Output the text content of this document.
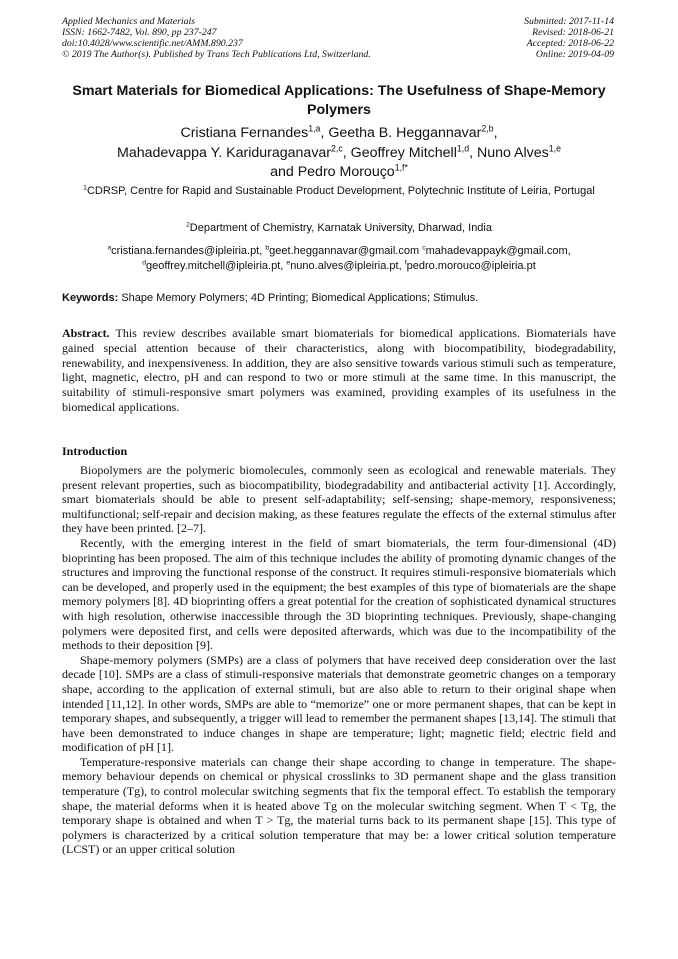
Applied Mechanics and Materials
ISSN: 1662-7482, Vol. 890, pp 237-247
doi:10.4028/www.scientific.net/AMM.890.237
© 2019 The Author(s). Published by Trans Tech Publications Ltd, Switzerland.
Submitted: 2017-11-14
Revised: 2018-06-21
Accepted: 2018-06-22
Online: 2019-04-09
Smart Materials for Biomedical Applications: The Usefulness of Shape-Memory Polymers
Cristiana Fernandes$^{1,a}$, Geetha B. Heggannavar$^{2,b}$,
Mahadevappa Y. Kariduraganavar$^{2,c}$, Geoffrey Mitchell$^{1,d}$, Nuno Alves$^{1,e}$
and Pedro Morouço$^{1,f*}$
$^1$CDRSP, Centre for Rapid and Sustainable Product Development, Polytechnic Institute of Leiria, Portugal
$^2$Department of Chemistry, Karnatak University, Dharwad, India
$^a$cristiana.fernandes@ipleiria.pt, $^b$geet.heggannavar@gmail.com $^c$mahadevappayk@gmail.com,
$^d$geoffrey.mitchell@ipleiria.pt, $^e$nuno.alves@ipleiria.pt, $^f$pedro.morouco@ipleiria.pt
Keywords: Shape Memory Polymers; 4D Printing; Biomedical Applications; Stimulus.
Abstract. This review describes available smart biomaterials for biomedical applications. Biomaterials have gained special attention because of their characteristics, along with biocompatibility, biodegradability, renewability, and inexpensiveness. In addition, they are also sensitive towards various stimuli such as temperature, light, magnetic, electro, pH and can respond to two or more stimuli at the same time. In this manuscript, the suitability of stimuli-responsive smart polymers was examined, providing examples of its usefulness in the biomedical applications.
Introduction

Biopolymers are the polymeric biomolecules, commonly seen as ecological and renewable materials. They present relevant properties, such as biocompatibility, biodegradability and antibacterial activity [1]. Accordingly, smart biomaterials should be able to present self-adaptability; self-sensing; shape-memory, responsiveness; multifunctional; self-repair and decision making, as these features regulate the effects of the external stimulus after they have been printed. [2–7].

Recently, with the emerging interest in the field of smart biomaterials, the term four-dimensional (4D) bioprinting has been proposed. The aim of this technique includes the ability of promoting dynamic changes of the structures and improving the functional response of the construct. It requires stimuli-responsive biomaterials which can be developed, and properly used in the equipment; the best examples of this type of biomaterials are the shape memory polymers [8]. 4D bioprinting offers a great potential for the creation of sophisticated dynamical structures with high resolution, otherwise inaccessible through the 3D bioprinting techniques. Previously, shape-changing polymers were deposited first, and cells were deposited afterwards, which was due to the incompatibility of the methods to their deposition [9].

Shape-memory polymers (SMPs) are a class of polymers that have received deep consideration over the last decade [10]. SMPs are a class of stimuli-responsive materials that demonstrate geometric changes on a temporary shape, according to the application of external stimuli, but are also able to return to their original shape when intended [11,12]. In other words, SMPs are able to “memorize” one or more permanent shapes, that can be kept in temporary shapes, and subsequently, a trigger will lead to remember the permanent shapes [13,14]. The stimuli that have been demonstrated to induce changes in shape are temperature; light; magnetic field; electric field and modification of pH [1].

Temperature-responsive materials can change their shape according to change in temperature. The shape-memory behaviour depends on chemical or physical crosslinks to 3D permanent shape and the glass transition temperature (Tg), to control molecular switching segments that fix the temporal effect. To establish the temporary shape, the material deforms when it is heated above Tg on the molecular switching segment. When T < Tg, the temporary shape is obtained and when T > Tg, the material turns back to its permanent shape [15]. This type of polymers is characterized by a critical solution temperature that may be: a lower critical solution temperature (LCST) or an upper critical solution
